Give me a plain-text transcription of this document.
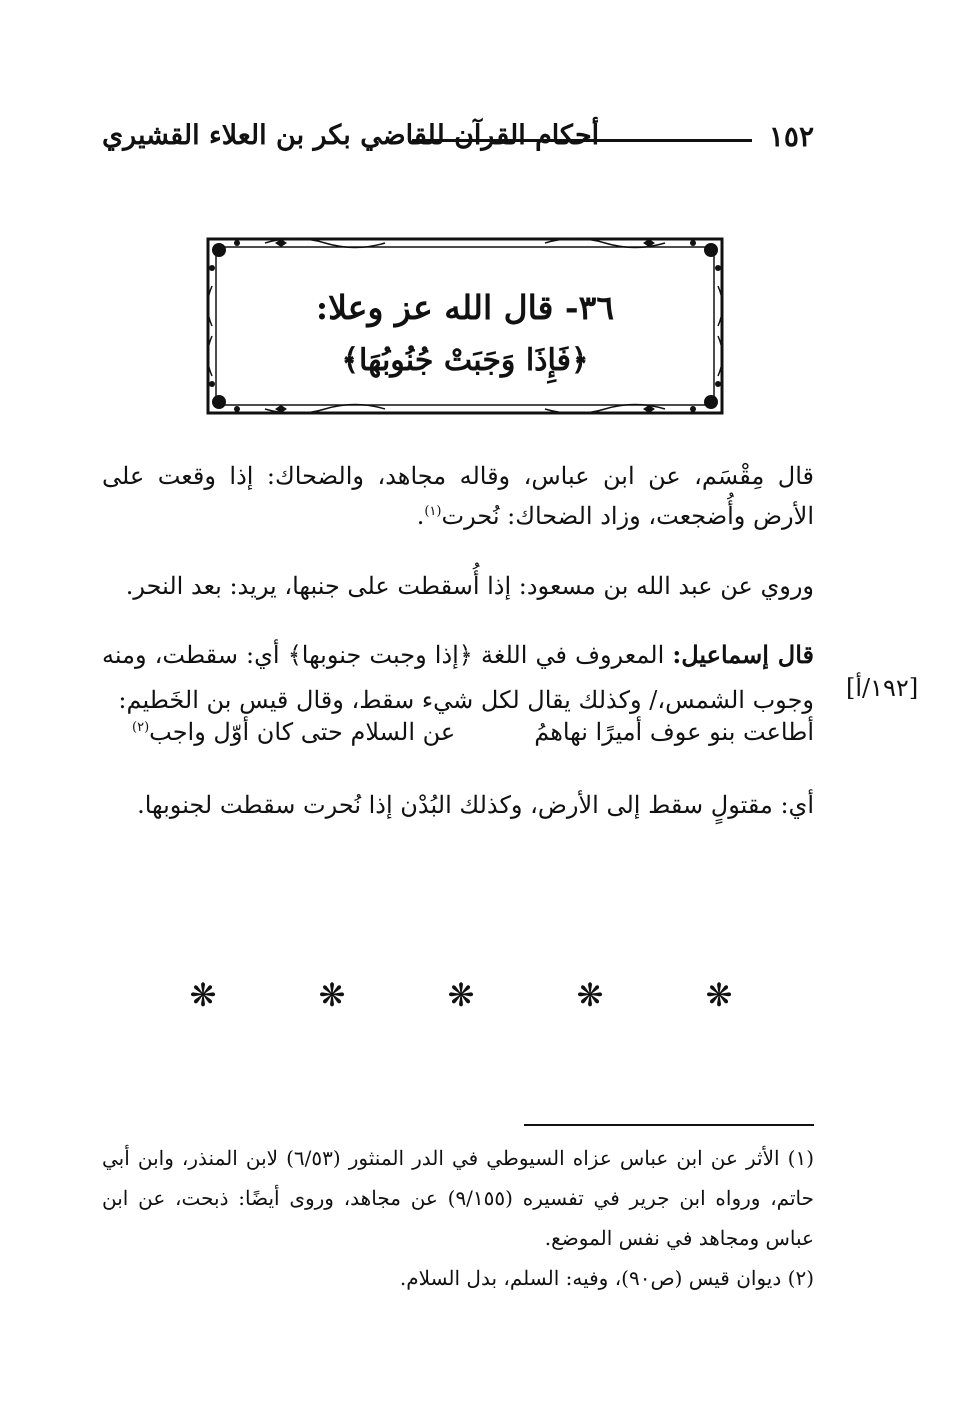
١٥٢
أحكام القرآن للقاضي بكر بن العلاء القشيري
٣٦- قال الله عز وعلا:
﴿فَإِذَا وَجَبَتْ جُنُوبُهَا﴾
قال مِقْسَم، عن ابن عباس، وقاله مجاهد، والضحاك: إذا وقعت على الأرض وأُضجعت، وزاد الضحاك: نُحرت$^{(١)}$.
وروي عن عبد الله بن مسعود: إذا أُسقطت على جنبها، يريد: بعد النحر.
قال إسماعيل: المعروف في اللغة ﴿إذا وجبت جنوبها﴾ أي: سقطت، ومنه وجوب الشمس،/ وكذلك يقال لكل شيء سقط، وقال قيس بن الخَطيم: [١٩٢/أ]
أطاعت بنو عوف أميرًا نهاهمُ
عن السلام حتى كان أوّل واجب$^{(٢)}$
أي: مقتولٍ سقط إلى الأرض، وكذلك البُدْن إذا نُحرت سقطت لجنوبها.
❋ ❋ ❋ ❋ ❋
(١) الأثر عن ابن عباس عزاه السيوطي في الدر المنثور (٦/٥٣) لابن المنذر، وابن أبي حاتم، ورواه ابن جرير في تفسيره (٩/١٥٥) عن مجاهد، وروى أيضًا: ذبحت، عن ابن عباس ومجاهد في نفس الموضع.
(٢) ديوان قيس (ص٩٠)، وفيه: السلم، بدل السلام.
